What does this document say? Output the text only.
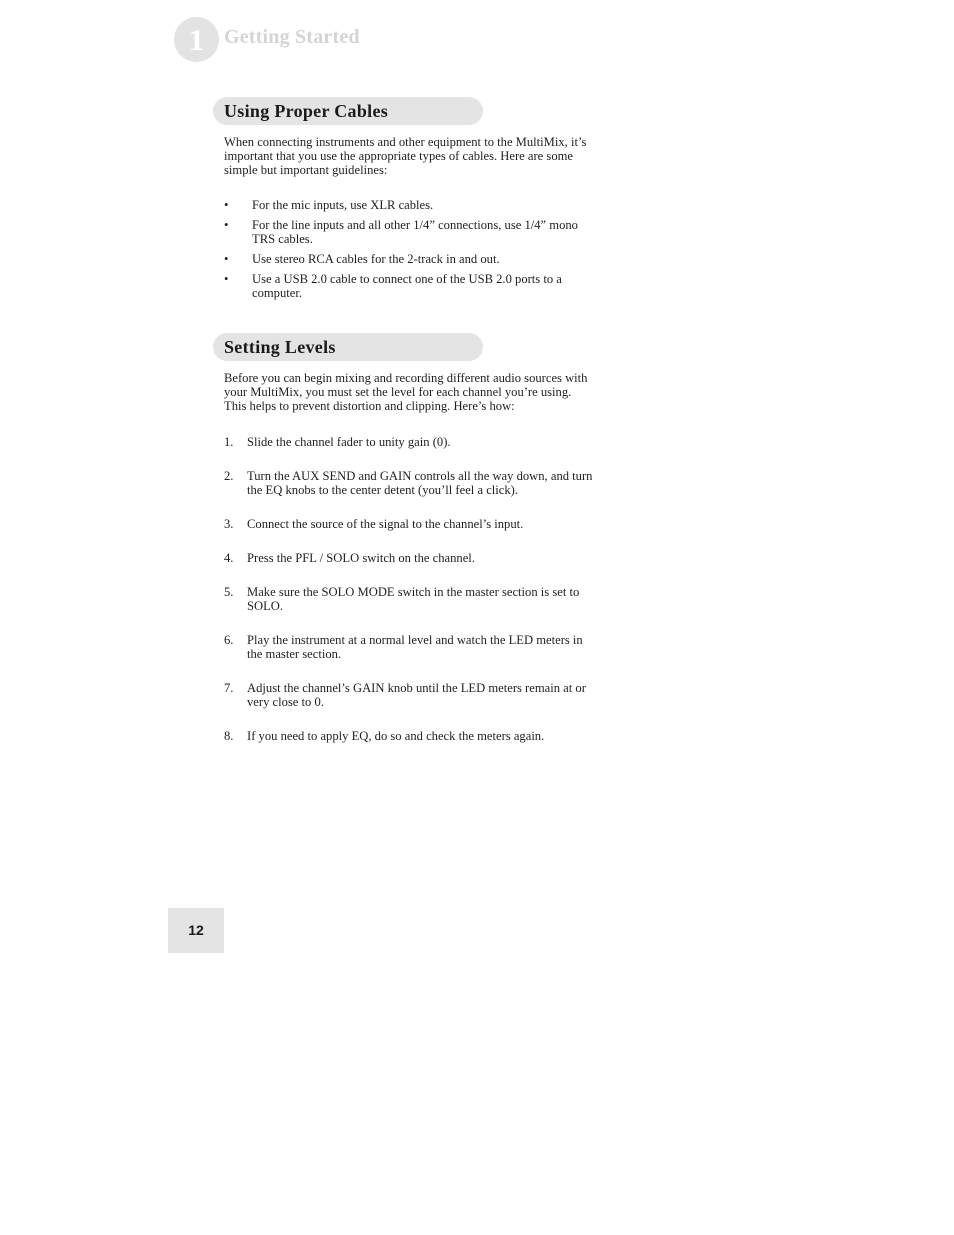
1 Getting Started
Using Proper Cables

When connecting instruments and other equipment to the MultiMix, it’s important that you use the appropriate types of cables. Here are some simple but important guidelines:

• For the mic inputs, use XLR cables.
• For the line inputs and all other 1/4” connections, use 1/4” mono TRS cables.
• Use stereo RCA cables for the 2-track in and out.
• Use a USB 2.0 cable to connect one of the USB 2.0 ports to a computer.
Setting Levels

Before you can begin mixing and recording different audio sources with your MultiMix, you must set the level for each channel you’re using. This helps to prevent distortion and clipping. Here’s how:

1. Slide the channel fader to unity gain (0).
2. Turn the AUX SEND and GAIN controls all the way down, and turn the EQ knobs to the center detent (you’ll feel a click).
3. Connect the source of the signal to the channel’s input.
4. Press the PFL / SOLO switch on the channel.
5. Make sure the SOLO MODE switch in the master section is set to SOLO.
6. Play the instrument at a normal level and watch the LED meters in the master section.
7. Adjust the channel’s GAIN knob until the LED meters remain at or very close to 0.
8. If you need to apply EQ, do so and check the meters again.
12
